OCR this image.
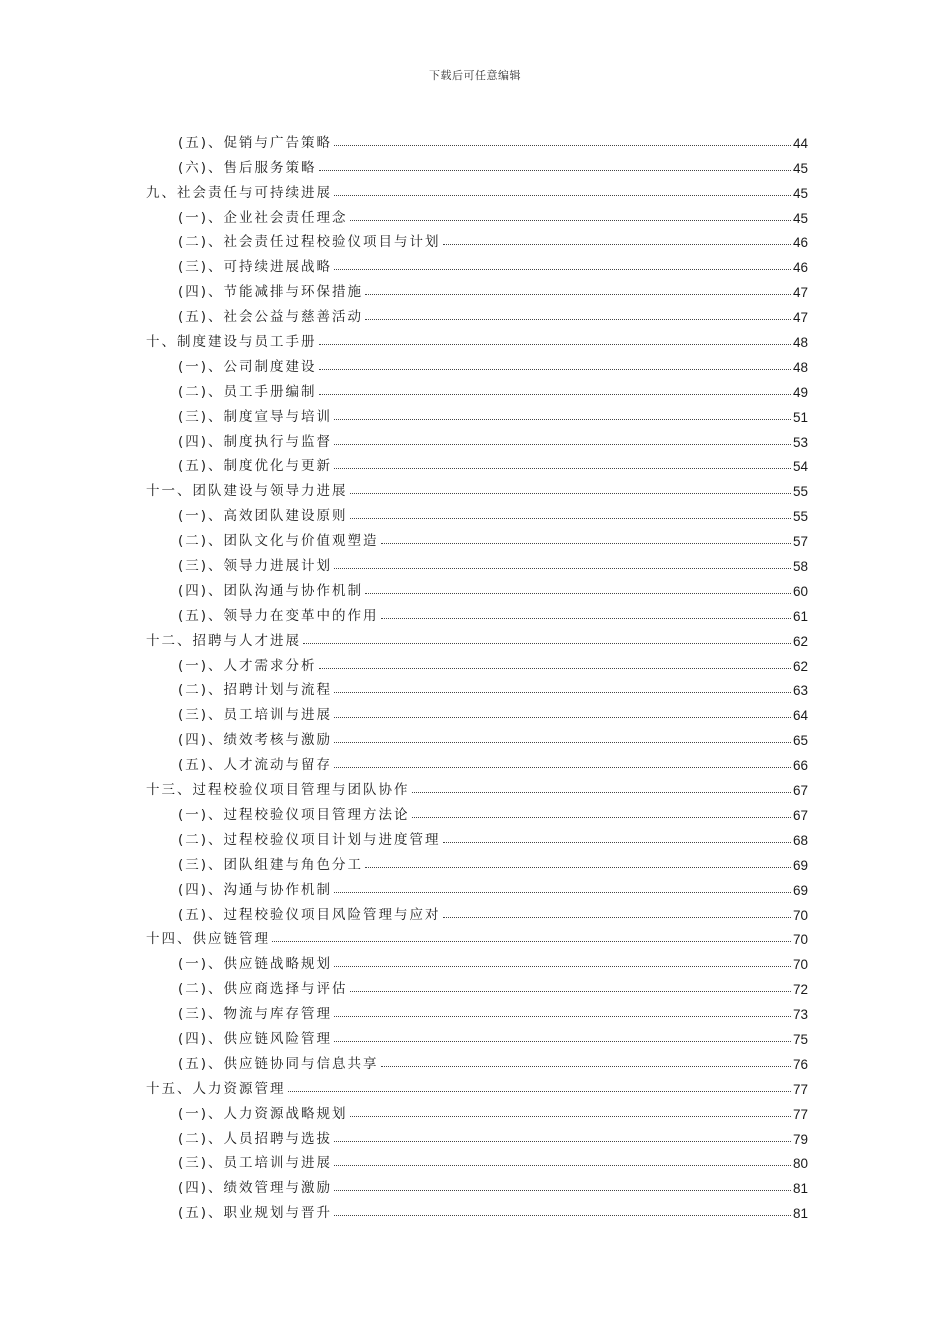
下载后可任意编辑
(五)、促销与广告策略	44
(六)、售后服务策略	45
九、社会责任与可持续进展	45
(一)、企业社会责任理念	45
(二)、社会责任过程校验仪项目与计划	46
(三)、可持续进展战略	46
(四)、节能减排与环保措施	47
(五)、社会公益与慈善活动	47
十、制度建设与员工手册	48
(一)、公司制度建设	48
(二)、员工手册编制	49
(三)、制度宣导与培训	51
(四)、制度执行与监督	53
(五)、制度优化与更新	54
十一、团队建设与领导力进展	55
(一)、高效团队建设原则	55
(二)、团队文化与价值观塑造	57
(三)、领导力进展计划	58
(四)、团队沟通与协作机制	60
(五)、领导力在变革中的作用	61
十二、招聘与人才进展	62
(一)、人才需求分析	62
(二)、招聘计划与流程	63
(三)、员工培训与进展	64
(四)、绩效考核与激励	65
(五)、人才流动与留存	66
十三、过程校验仪项目管理与团队协作	67
(一)、过程校验仪项目管理方法论	67
(二)、过程校验仪项目计划与进度管理	68
(三)、团队组建与角色分工	69
(四)、沟通与协作机制	69
(五)、过程校验仪项目风险管理与应对	70
十四、供应链管理	70
(一)、供应链战略规划	70
(二)、供应商选择与评估	72
(三)、物流与库存管理	73
(四)、供应链风险管理	75
(五)、供应链协同与信息共享	76
十五、人力资源管理	77
(一)、人力资源战略规划	77
(二)、人员招聘与选拔	79
(三)、员工培训与进展	80
(四)、绩效管理与激励	81
(五)、职业规划与晋升	81
